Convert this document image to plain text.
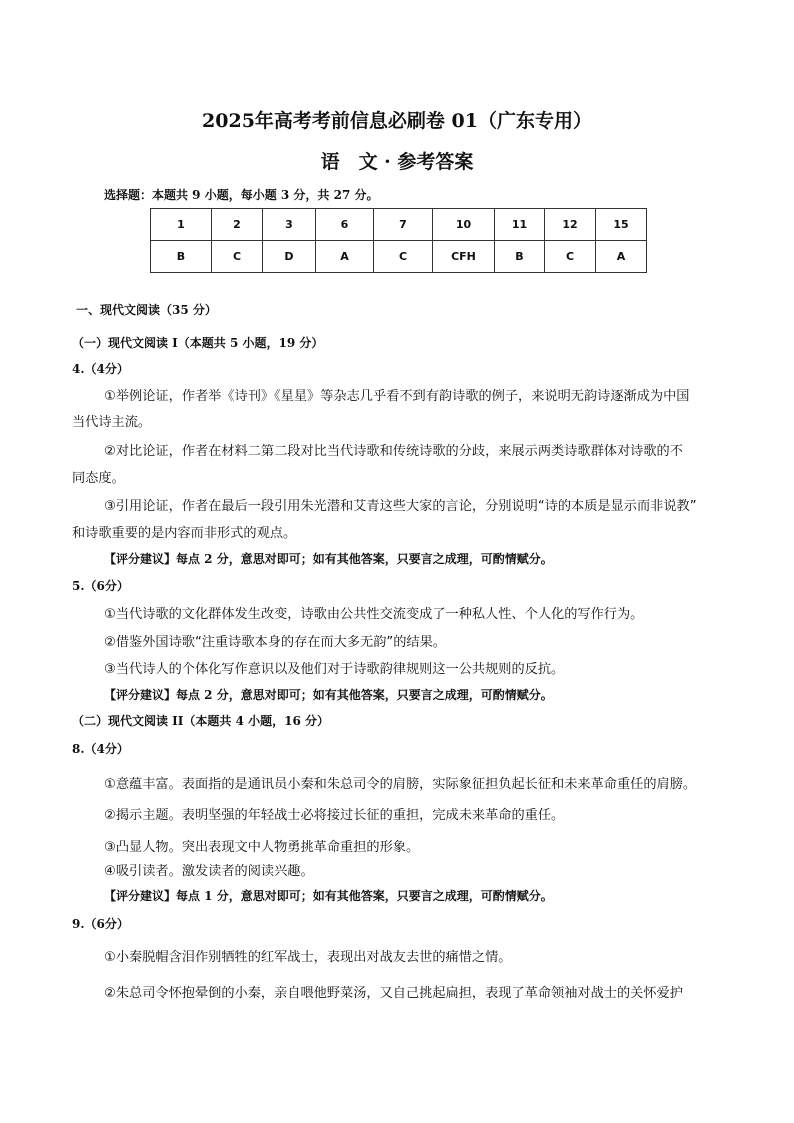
2025年高考考前信息必刷卷 01（广东专用）
语　文 · 参考答案
选择题：本题共 9 小题，每小题 3 分，共 27 分。
1	2	3	6	7	10	11	12	15
B	C	D	A	C	CFH	B	C	A
一、现代文阅读（35 分）
（一）现代文阅读 I（本题共 5 小题，19 分）
4.（4分）
①举例论证，作者举《诗刊》《星星》等杂志几乎看不到有韵诗歌的例子，来说明无韵诗逐渐成为中国
当代诗主流。
②对比论证，作者在材料二第二段对比当代诗歌和传统诗歌的分歧，来展示两类诗歌群体对诗歌的不
同态度。
③引用论证，作者在最后一段引用朱光潜和艾青这些大家的言论，分别说明“诗的本质是显示而非说教”
和诗歌重要的是内容而非形式的观点。
【评分建议】每点 2 分，意思对即可；如有其他答案，只要言之成理，可酌情赋分。
5.（6分）
①当代诗歌的文化群体发生改变，诗歌由公共性交流变成了一种私人性、个人化的写作行为。
②借鉴外国诗歌“注重诗歌本身的存在而大多无韵”的结果。
③当代诗人的个体化写作意识以及他们对于诗歌韵律规则这一公共规则的反抗。
【评分建议】每点 2 分，意思对即可；如有其他答案，只要言之成理，可酌情赋分。
（二）现代文阅读 II（本题共 4 小题，16 分）
8.（4分）
①意蕴丰富。表面指的是通讯员小秦和朱总司令的肩膀，实际象征担负起长征和未来革命重任的肩膀。
②揭示主题。表明坚强的年轻战士必将接过长征的重担，完成未来革命的重任。
③凸显人物。突出表现文中人物勇挑革命重担的形象。
④吸引读者。激发读者的阅读兴趣。
【评分建议】每点 1 分，意思对即可；如有其他答案，只要言之成理，可酌情赋分。
9.（6分）
①小秦脱帽含泪作别牺牲的红军战士，表现出对战友去世的痛惜之情。
②朱总司令怀抱晕倒的小秦，亲自喂他野菜汤，又自己挑起扁担，表现了革命领袖对战士的关怀爱护
